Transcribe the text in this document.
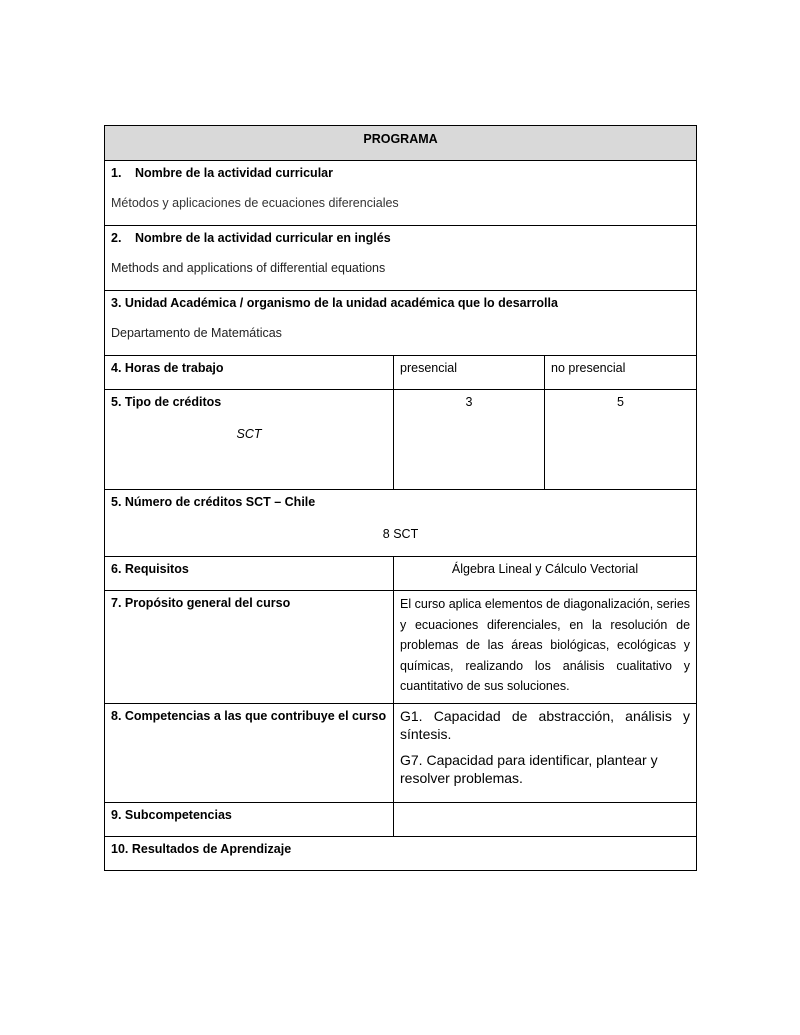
PROGRAMA		

1. Nombre de la actividad curricular
Métodos y aplicaciones de ecuaciones diferenciales		

2. Nombre de la actividad curricular en inglés
Methods and applications of differential equations		

3. Unidad Académica / organismo de la unidad académica que lo desarrolla
Departamento de Matemáticas		

4. Horas de trabajo	presencial	no presencial

5. Tipo de créditos
SCT	3	5

5. Número de créditos SCT – Chile
8 SCT		

6. Requisitos	Álgebra Lineal y Cálculo Vectorial	
7. Propósito general del curso	El curso aplica elementos de diagonalización, series y ecuaciones diferenciales, en la resolución de problemas de las áreas biológicas, ecológicas y químicas, realizando los análisis cualitativo y cuantitativo de sus soluciones.	
8. Competencias a las que contribuye el curso	G1. Capacidad de abstracción, análisis y síntesis.
G7. Capacidad para identificar, plantear y resolver problemas.	

9. Subcompetencias		
10. Resultados de Aprendizaje		
